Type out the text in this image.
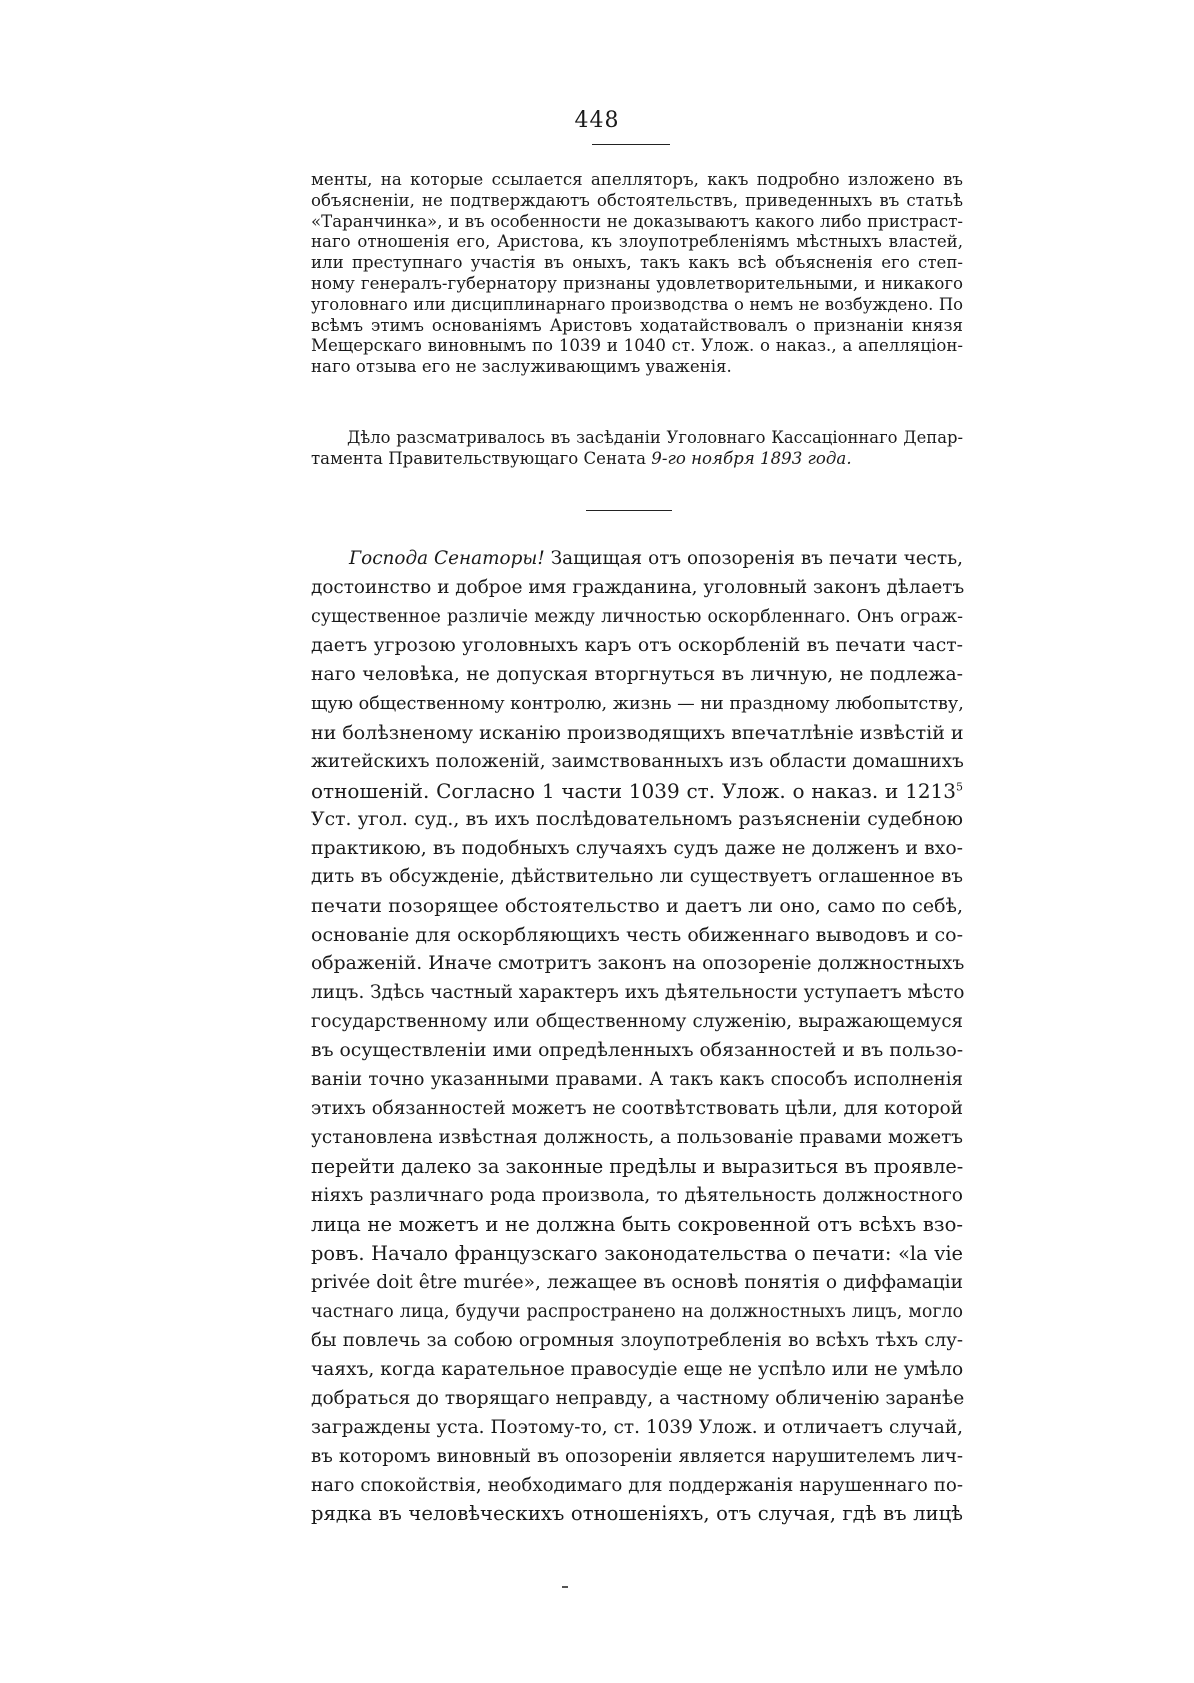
448
менты, на которые ссылается апелляторъ, какъ подробно изложено въ
объясненіи, не подтверждаютъ обстоятельствъ, приведенныхъ въ статьѣ
«Таранчинка», и въ особенности не доказываютъ какого либо пристраст-
наго отношенія его, Аристова, къ злоупотребленіямъ мѣстныхъ властей,
или преступнаго участія въ оныхъ, такъ какъ всѣ объясненія его степ-
ному генералъ-губернатору признаны удовлетворительными, и никакого
уголовнаго или дисциплинарнаго производства о немъ не возбуждено. По
всѣмъ этимъ основаніямъ Аристовъ ходатайствовалъ о признаніи князя
Мещерскаго виновнымъ по 1039 и 1040 ст. Улож. о наказ., а апелляціон-
наго отзыва его не заслуживающимъ уваженія.
Дѣло разсматривалось въ засѣданіи Уголовнаго Кассаціоннаго Депар-
тамента Правительствующаго Сената 9-го ноября 1893 года.
Господа Сенаторы! Защищая отъ опозоренія въ печати честь,
достоинство и доброе имя гражданина, уголовный законъ дѣлаетъ
существенное различіе между личностью оскорбленнаго. Онъ ограж-
даетъ угрозою уголовныхъ каръ отъ оскорбленій въ печати част-
наго человѣка, не допуская вторгнуться въ личную, не подлежа-
щую общественному контролю, жизнь — ни праздному любопытству,
ни болѣзненому исканію производящихъ впечатлѣніе извѣстій и
житейскихъ положеній, заимствованныхъ изъ области домашнихъ
отношеній. Согласно 1 части 1039 ст. Улож. о наказ. и 1213$^5$
Уст. угол. суд., въ ихъ послѣдовательномъ разъясненіи судебною
практикою, въ подобныхъ случаяхъ судъ даже не долженъ и вхо-
дить въ обсужденіе, дѣйствительно ли существуетъ оглашенное въ
печати позорящее обстоятельство и даетъ ли оно, само по себѣ,
основаніе для оскорбляющихъ честь обиженнаго выводовъ и со-
ображеній. Иначе смотритъ законъ на опозореніе должностныхъ
лицъ. Здѣсь частный характеръ ихъ дѣятельности уступаетъ мѣсто
государственному или общественному служенію, выражающемуся
въ осуществленіи ими опредѣленныхъ обязанностей и въ пользо-
ваніи точно указанными правами. А такъ какъ способъ исполненія
этихъ обязанностей можетъ не соотвѣтствовать цѣли, для которой
установлена извѣстная должность, а пользованіе правами можетъ
перейти далеко за законные предѣлы и выразиться въ проявле-
ніяхъ различнаго рода произвола, то дѣятельность должностного
лица не можетъ и не должна быть сокровенной отъ всѣхъ взо-
ровъ. Начало французскаго законодательства о печати: «la vie
privée doit être murée», лежащее въ основѣ понятія о диффамаціи
частнаго лица, будучи распространено на должностныхъ лицъ, могло
бы повлечь за собою огромныя злоупотребленія во всѣхъ тѣхъ слу-
чаяхъ, когда карательное правосудіе еще не успѣло или не умѣло
добраться до творящаго неправду, а частному обличенію заранѣе
заграждены уста. Поэтому-то, ст. 1039 Улож. и отличаетъ случай,
въ которомъ виновный въ опозореніи является нарушителемъ лич-
наго спокойствія, необходимаго для поддержанія нарушеннаго по-
рядка въ человѣческихъ отношеніяхъ, отъ случая, гдѣ въ лицѣ
